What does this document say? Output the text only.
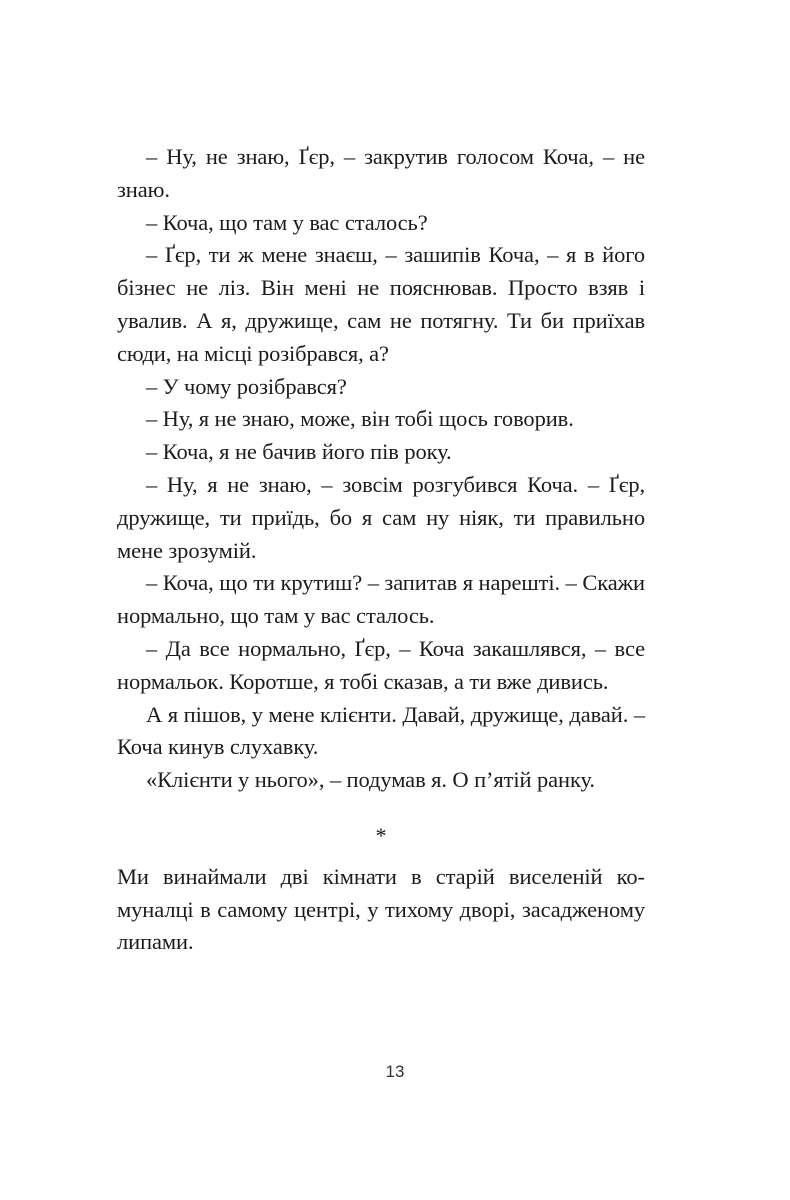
– Ну, не знаю, Ґєр, – закрутив голосом Коча, – не знаю.

– Коча, що там у вас сталось?

– Ґєр, ти ж мене знаєш, – зашипів Коча, – я в його бізнес не ліз. Він мені не пояснював. Просто взяв і увалив. А я, дружище, сам не потягну. Ти би приїхав сюди, на місці розібрався, а?

– У чому розібрався?

– Ну, я не знаю, може, він тобі щось говорив.

– Коча, я не бачив його пів року.

– Ну, я не знаю, – зовсім розгубився Коча. – Ґєр, дружище, ти приїдь, бо я сам ну ніяк, ти правильно мене зрозумій.

– Коча, що ти крутиш? – запитав я нарешті. – Скажи нормально, що там у вас сталось.

– Да все нормально, Ґєр, – Коча закашлявся, – все нормальок. Коротше, я тобі сказав, а ти вже дивись.

А я пішов, у мене клієнти. Давай, дружище, давай. – Коча кинув слухавку.

«Клієнти у нього», – подумав я. О п’ятій ранку.

*

Ми винаймали дві кімнати в старій виселеній комуналці в самому центрі, у тихому дворі, засадженому липами.

13
